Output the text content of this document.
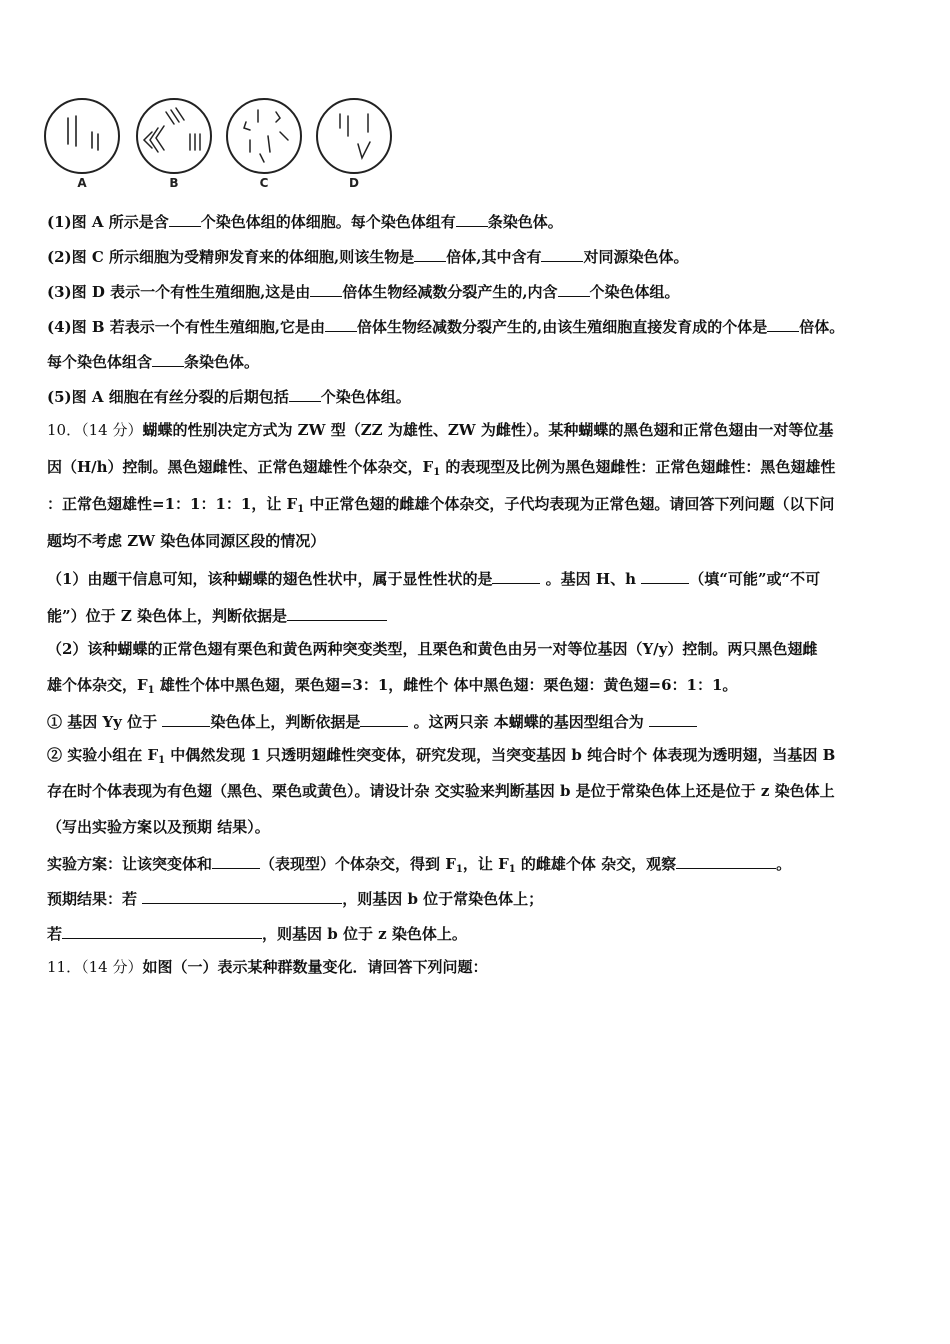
A	B	C	D
(1)图 A 所示是含 个染色体组的体细胞。每个染色体组有 条染色体。
(2)图 C 所示细胞为受精卵发育来的体细胞,则该生物是 倍体,其中含有	对同源染色体。
(3)图 D 表示一个有性生殖细胞,这是由 倍体生物经减数分裂产生的,内含 个染色体组。
(4)图 B 若表示一个有性生殖细胞,它是由 倍体生物经减数分裂产生的,由该生殖细胞直接发育成的个体是 倍体。
每个染色体组含 条染色体。
(5)图 A 细胞在有丝分裂的后期包括 个染色体组。
10．（14 分）蝴蝶的性别决定方式为 ZW 型（ZZ 为雄性、ZW 为雌性）。某种蝴蝶的黑色翅和正常色翅由一对等位基
因（H/h）控制。黑色翅雌性、正常色翅雄性个体杂交，$F_1$ 的表现型及比例为黑色翅雌性：正常色翅雌性：黑色翅雄性
：正常色翅雄性=1：1：1：1，让 $F_1$ 中正常色翅的雌雄个体杂交，子代均表现为正常色翅。请回答下列问题（以下问
题均不考虑 ZW 染色体同源区段的情况）
（1）由题干信息可知，该种蝴蝶的翅色性状中，属于显性性状的是	。基因 H、h	（填“可能”或“不可
能”）位于 Z 染色体上，判断依据是
（2）该种蝴蝶的正常色翅有栗色和黄色两种突变类型，且栗色和黄色由另一对等位基因（Y/y）控制。两只黑色翅雌
雄个体杂交，$F_1$ 雄性个体中黑色翅，栗色翅=3：1，雌性个 体中黑色翅：栗色翅：黄色翅=6：1：1。
① 基因 Yy 位于	染色体上，判断依据是	。这两只亲 本蝴蝶的基因型组合为
② 实验小组在 $F_1$ 中偶然发现 1 只透明翅雌性突变体，研究发现，当突变基因 b 纯合时个 体表现为透明翅，当基因 B
存在时个体表现为有色翅（黑色、栗色或黄色）。请设计杂 交实验来判断基因 b 是位于常染色体上还是位于 z 染色体上
（写出实验方案以及预期 结果）。
实验方案：让该突变体和	（表现型）个体杂交，得到 $F_1$，让 $F_1$ 的雌雄个体 杂交，观察	。
预期结果：若	，则基因 b 位于常染色体上；
若	，则基因 b 位于 z 染色体上。
11．（14 分）如图（一）表示某种群数量变化．请回答下列问题：
